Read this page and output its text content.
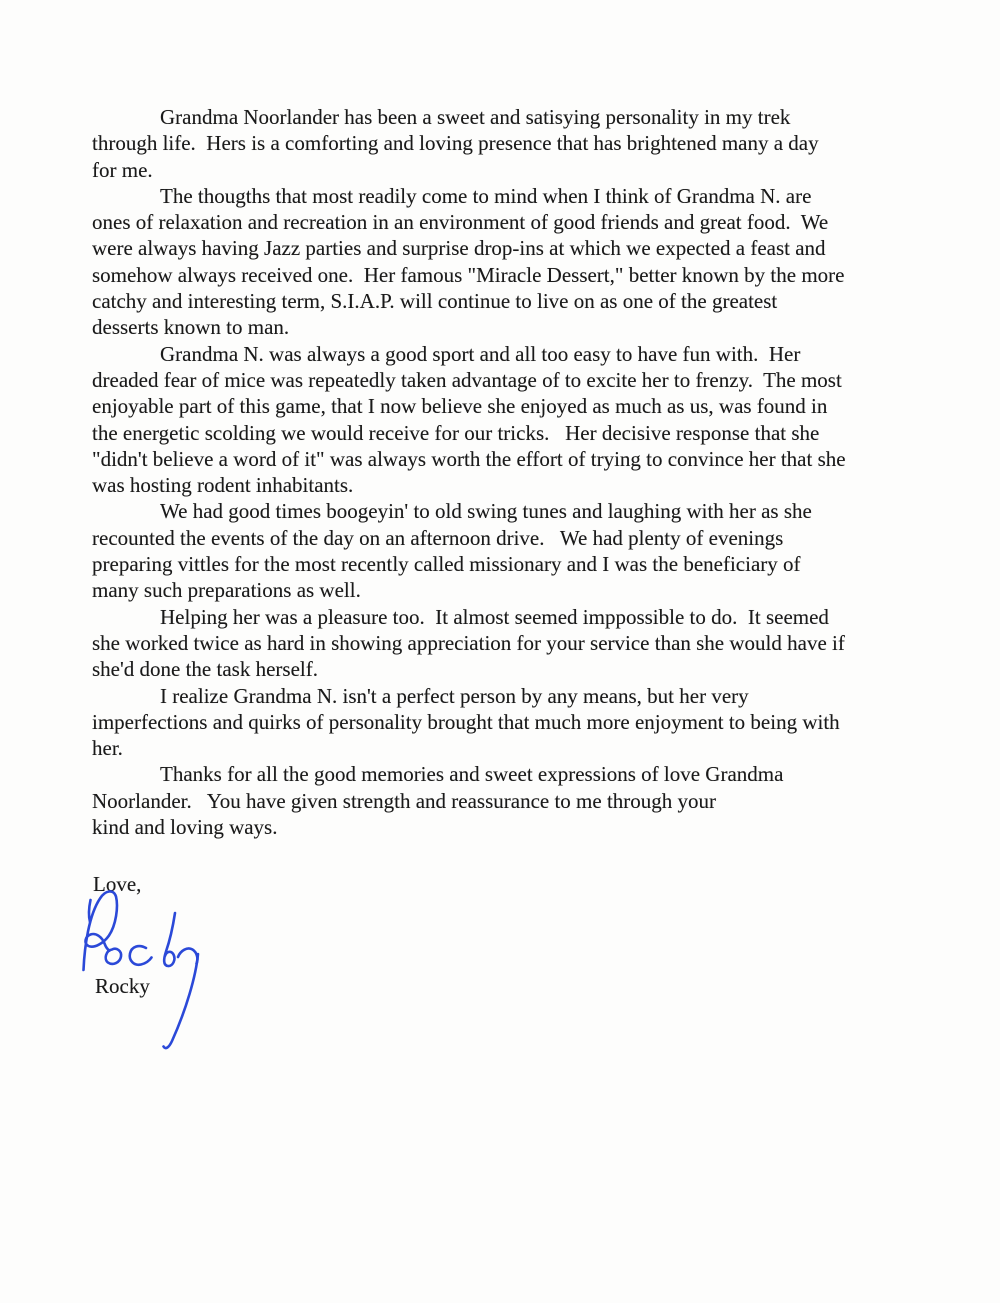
Grandma Noorlander has been a sweet and satisying personality in my trek
through life.  Hers is a comforting and loving presence that has brightened many a day
for me.
The thougths that most readily come to mind when I think of Grandma N. are
ones of relaxation and recreation in an environment of good friends and great food.  We
were always having Jazz parties and surprise drop-ins at which we expected a feast and
somehow always received one.  Her famous "Miracle Dessert," better known by the more
catchy and interesting term, S.I.A.P. will continue to live on as one of the greatest
desserts known to man.
Grandma N. was always a good sport and all too easy to have fun with.  Her
dreaded fear of mice was repeatedly taken advantage of to excite her to frenzy.  The most
enjoyable part of this game, that I now believe she enjoyed as much as us, was found in
the energetic scolding we would receive for our tricks.   Her decisive response that she
"didn't believe a word of it" was always worth the effort of trying to convince her that she
was hosting rodent inhabitants.
We had good times boogeyin' to old swing tunes and laughing with her as she
recounted the events of the day on an afternoon drive.   We had plenty of evenings
preparing vittles for the most recently called missionary and I was the beneficiary of
many such preparations as well.
Helping her was a pleasure too.  It almost seemed imppossible to do.  It seemed
she worked twice as hard in showing appreciation for your service than she would have if
she'd done the task herself.
I realize Grandma N. isn't a perfect person by any means, but her very
imperfections and quirks of personality brought that much more enjoyment to being with
her.
Thanks for all the good memories and sweet expressions of love Grandma
Noorlander.   You have given strength and reassurance to me through your
kind and loving ways.
Love,
Rocky
